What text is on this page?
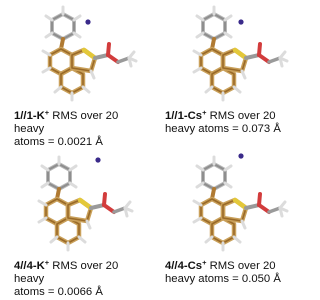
1//1-K+ RMS over 20 heavy
atoms = 0.0021 Å
1//1-Cs+ RMS over 20
heavy atoms = 0.073 Å
4//4-K+ RMS over 20 heavy
atoms = 0.0066 Å
4//4-Cs+ RMS over 20
heavy atoms = 0.050 Å
